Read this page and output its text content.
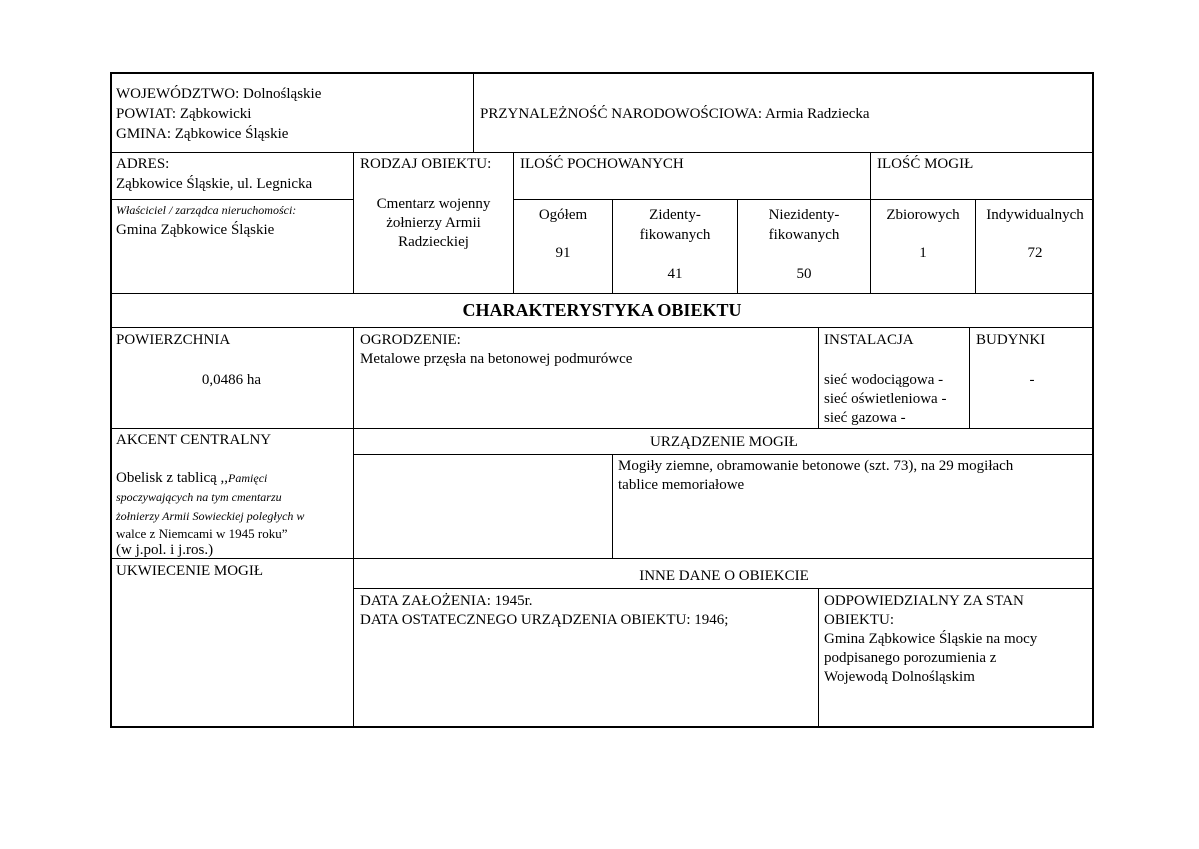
WOJEWÓDZTWO: Dolnośląskie
POWIAT: Ząbkowicki
GMINA: Ząbkowice Śląskie
PRZYNALEŻNOŚĆ NARODOWOŚCIOWA: Armia Radziecka
ADRES:
Ząbkowice Śląskie, ul. Legnicka
Właściciel / zarządca nieruchomości:
Gmina Ząbkowice Śląskie
RODZAJ OBIEKTU:
Cmentarz wojenny
żołnierzy Armii
Radzieckiej
ILOŚĆ POCHOWANYCH
Ogółem
91
Zidenty-
fikowanych
41
Niezidenty-
fikowanych
50
ILOŚĆ MOGIŁ
Zbiorowych
1
Indywidualnych
72
CHARAKTERYSTYKA OBIEKTU
POWIERZCHNIA
0,0486 ha
OGRODZENIE:
Metalowe przęsła na betonowej podmurówce
INSTALACJA
sieć wodociągowa -
sieć oświetleniowa -
sieć gazowa -
BUDYNKI
-
AKCENT CENTRALNY
Obelisk z tablicą ,,Pamięci
spoczywających na tym cmentarzu
żołnierzy Armii Sowieckiej poległych w
walce z Niemcami w 1945 roku”
(w j.pol. i j.ros.)
URZĄDZENIE MOGIŁ
Mogiły ziemne, obramowanie betonowe (szt. 73), na 29 mogiłach
tablice memoriałowe
UKWIECENIE MOGIŁ	INNE DANE O OBIEKCIE
DATA ZAŁOŻENIA: 1945r.
DATA OSTATECZNEGO URZĄDZENIA OBIEKTU: 1946;
ODPOWIEDZIALNY ZA STAN
OBIEKTU:
Gmina Ząbkowice Śląskie na mocy
podpisanego porozumienia z
Wojewodą Dolnośląskim
